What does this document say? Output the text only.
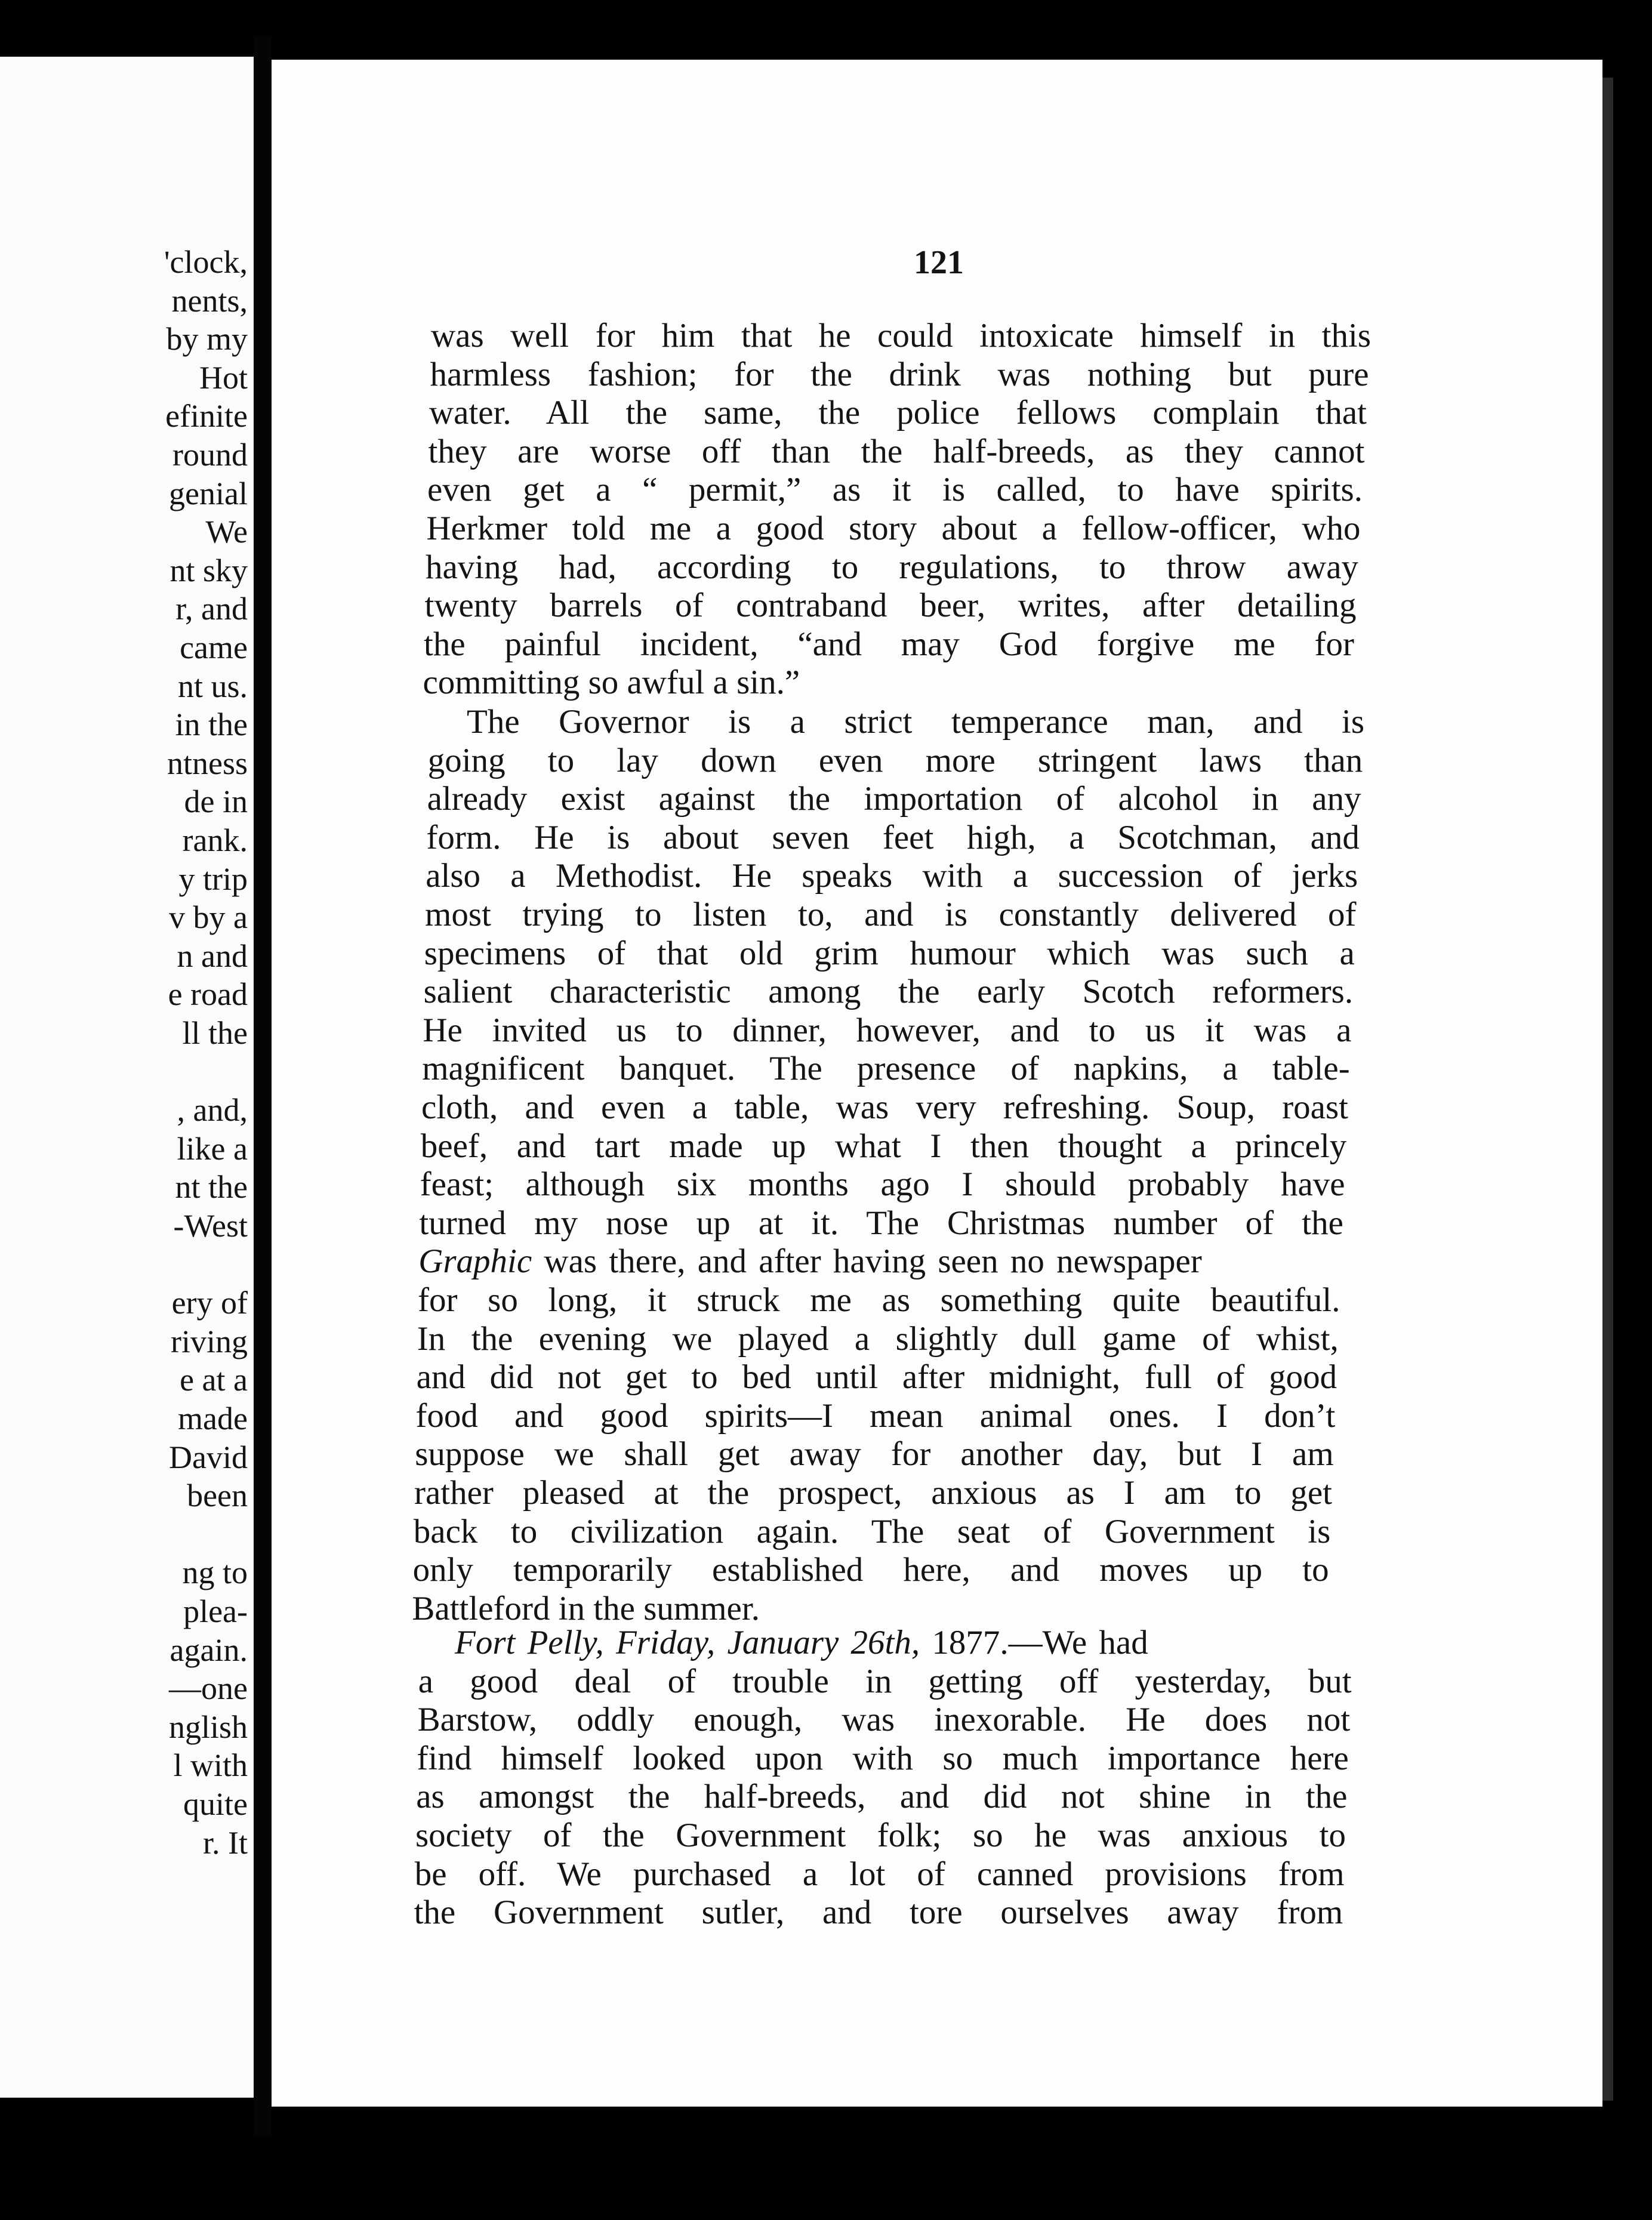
'clock,
nents,
by my
Hot
efinite
round
genial
We
nt sky
r, and
came
nt us.
in the
ntness
de in
rank.
y trip
v by a
n and
e road
ll the
, and,
like a
nt the
-West
ery of
riving
e at a
made
David
been
ng to
plea-
again.
—one
nglish
l with
quite
r. It
121
was well for him that he could intoxicate himself in this
harmless fashion; for the drink was nothing but pure
water. All the same, the police fellows complain that
they are worse off than the half-breeds, as they cannot
even get a “ permit,” as it is called, to have spirits.
Herkmer told me a good story about a fellow-officer, who
having had, according to regulations, to throw away
twenty barrels of contraband beer, writes, after detailing
the painful incident, “and may God forgive me for
committing so awful a sin.”
The Governor is a strict temperance man, and is
going to lay down even more stringent laws than
already exist against the importation of alcohol in any
form. He is about seven feet high, a Scotchman, and
also a Methodist. He speaks with a succession of jerks
most trying to listen to, and is constantly delivered of
specimens of that old grim humour which was such a
salient characteristic among the early Scotch reformers.
He invited us to dinner, however, and to us it was a
magnificent banquet. The presence of napkins, a table-
cloth, and even a table, was very refreshing. Soup, roast
beef, and tart made up what I then thought a princely
feast; although six months ago I should probably have
turned my nose up at it. The Christmas number of the
Graphic was there, and after having seen no newspaper
for so long, it struck me as something quite beautiful.
In the evening we played a slightly dull game of whist,
and did not get to bed until after midnight, full of good
food and good spirits—I mean animal ones. I don’t
suppose we shall get away for another day, but I am
rather pleased at the prospect, anxious as I am to get
back to civilization again. The seat of Government is
only temporarily established here, and moves up to
Battleford in the summer.
Fort Pelly, Friday, January 26th, 1877.—We had
a good deal of trouble in getting off yesterday, but
Barstow, oddly enough, was inexorable. He does not
find himself looked upon with so much importance here
as amongst the half-breeds, and did not shine in the
society of the Government folk; so he was anxious to
be off. We purchased a lot of canned provisions from
the Government sutler, and tore ourselves away from
